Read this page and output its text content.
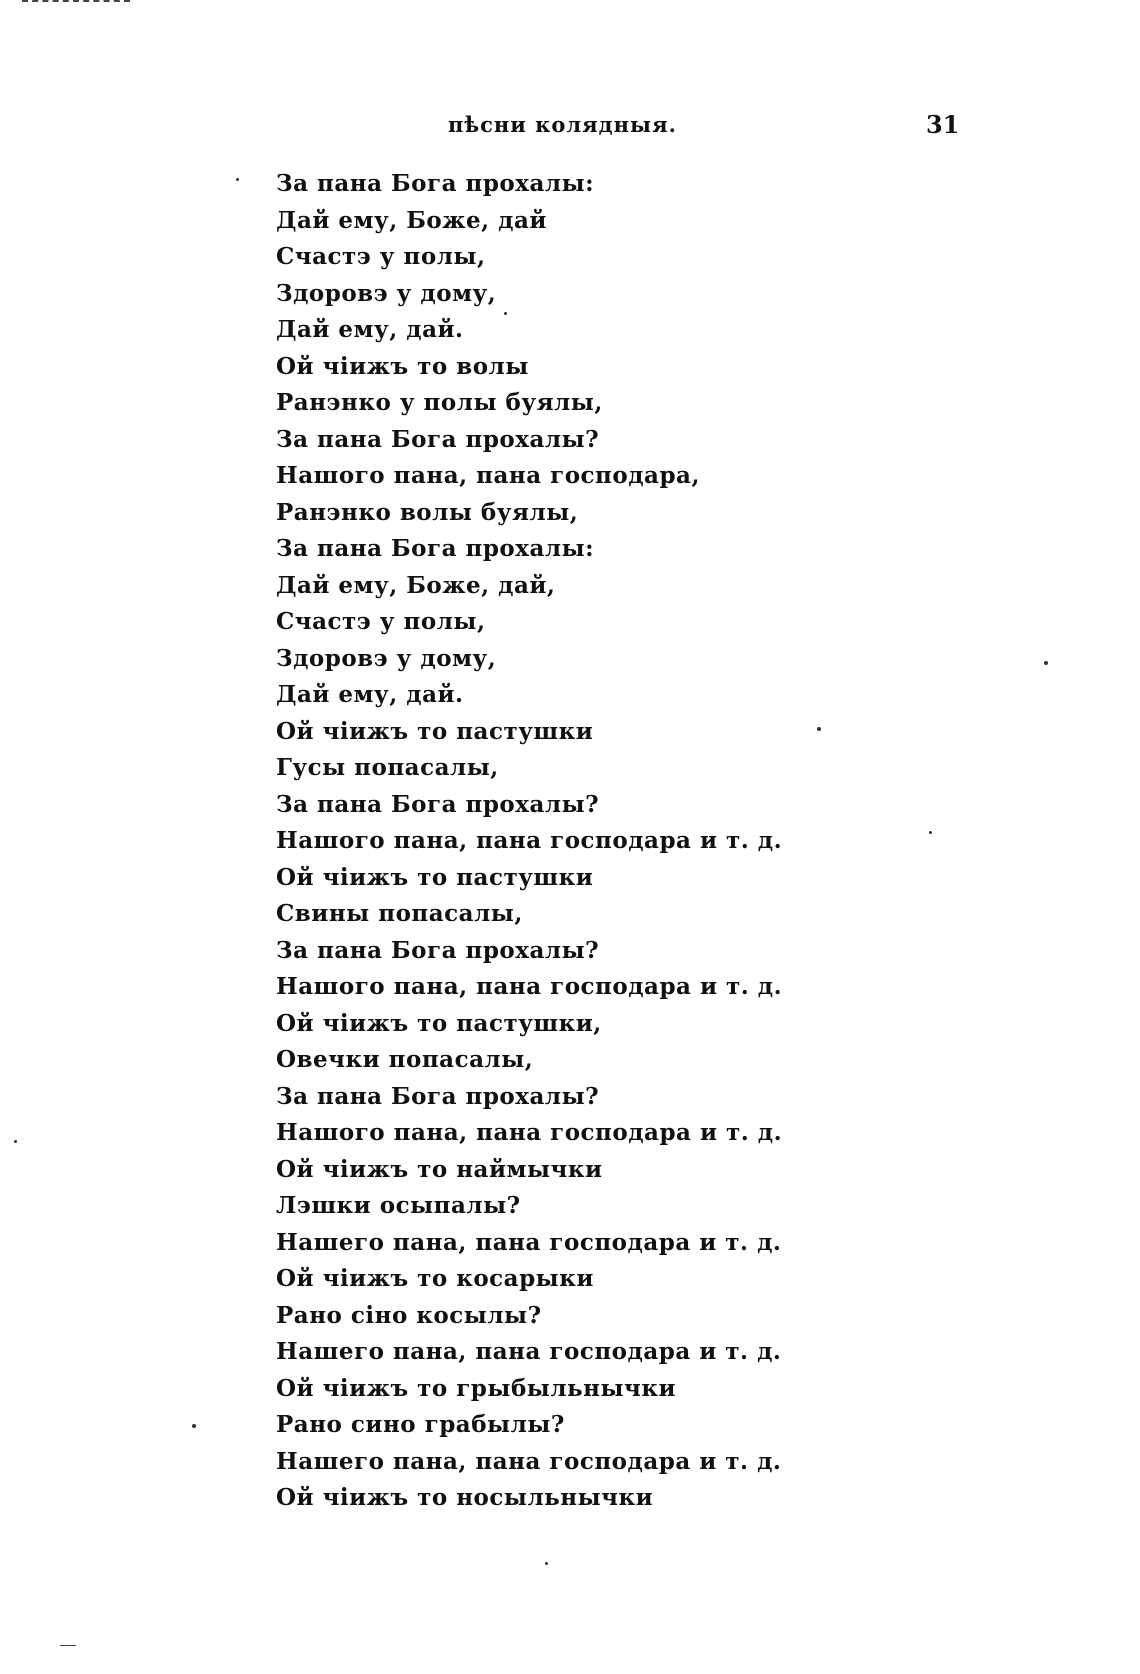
пѣсни колядныя.	31
За пана Бога прохалы:
Дай ему, Боже, дай
Счастэ у полы,
Здоровэ у дому,
Дай ему, дай.
Ой чiижъ то волы
Ранэнко у полы буялы,
За пана Бога прохалы?
Нашого пана, пана господара,
Ранэнко волы буялы,
За пана Бога прохалы:
Дай ему, Боже, дай,
Счастэ у полы,
Здоровэ у дому,
Дай ему, дай.
Ой чiижъ то пастушки
Гусы попасалы,
За пана Бога прохалы?
Нашого пана, пана господара и т. д.
Ой чiижъ то пастушки
Свины попасалы,
За пана Бога прохалы?
Нашого пана, пана господара и т. д.
Ой чiижъ то пастушки,
Овечки попасалы,
За пана Бога прохалы?
Нашого пана, пана господара и т. д.
Ой чiижъ то наймычки
Лэшки осыпалы?
Нашего пана, пана господара и т. д.
Ой чiижъ то косарыки
Рано сiно косылы?
Нашего пана, пана господара и т. д.
Ой чiижъ то грыбыльнычки
Рано сино грабылы?
Нашего пана, пана господара и т. д.
Ой чiижъ то носыльнычки
